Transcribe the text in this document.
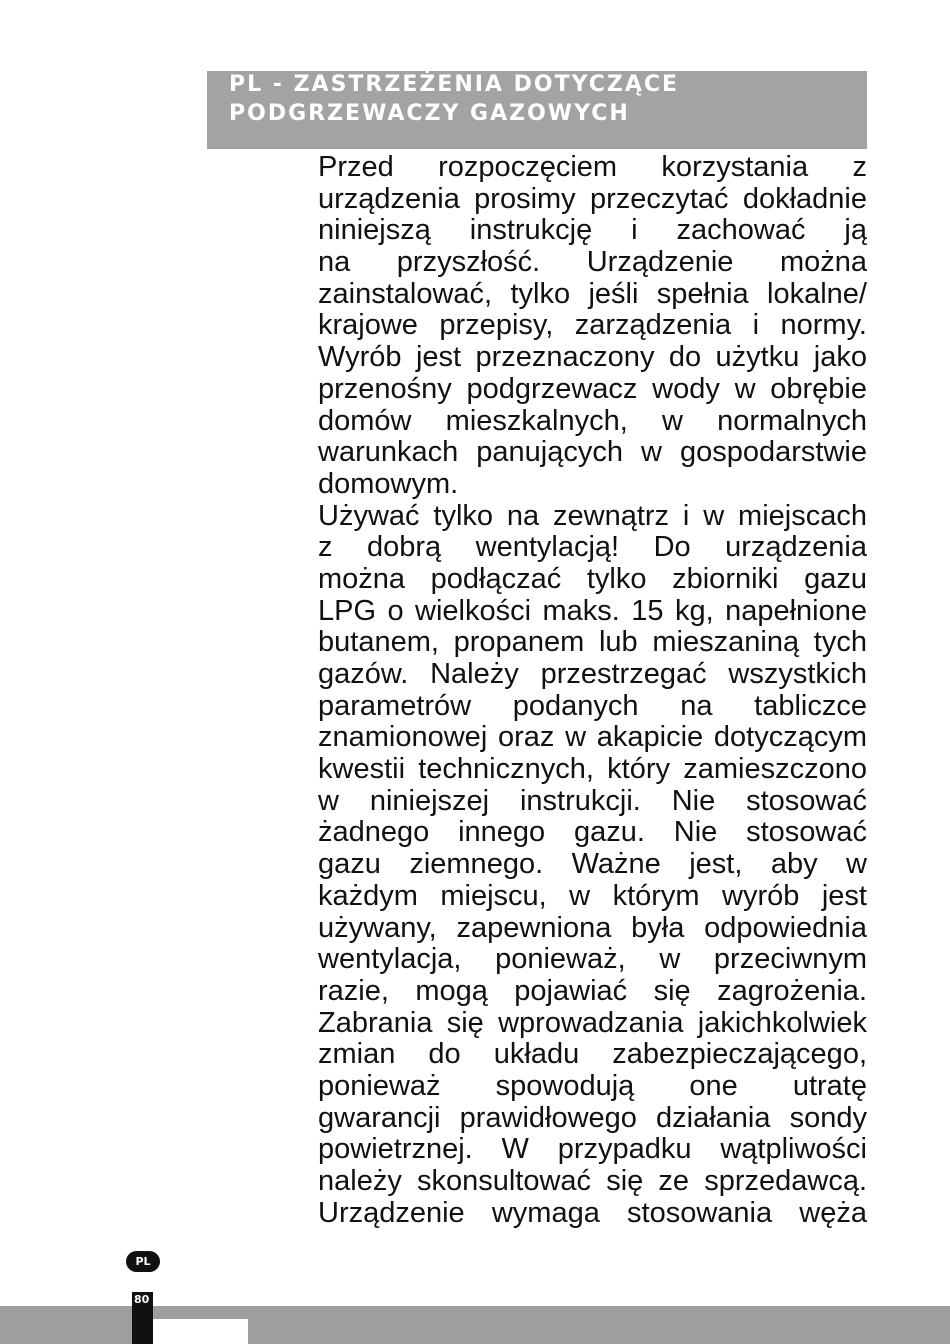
PL - ZASTRZEŻENIA DOTYCZĄCE
PODGRZEWACZY GAZOWYCH
Przed rozpoczęciem korzystania z
urządzenia prosimy przeczytać dokładnie
niniejszą instrukcję i zachować ją
na przyszłość. Urządzenie można
zainstalować, tylko jeśli spełnia lokalne/
krajowe przepisy, zarządzenia i normy.
Wyrób jest przeznaczony do użytku jako
przenośny podgrzewacz wody w obrębie
domów mieszkalnych, w normalnych
warunkach panujących w gospodarstwie
domowym.
Używać tylko na zewnątrz i w miejscach
z dobrą wentylacją! Do urządzenia
można podłączać tylko zbiorniki gazu
LPG o wielkości maks. 15 kg, napełnione
butanem, propanem lub mieszaniną tych
gazów. Należy przestrzegać wszystkich
parametrów podanych na tabliczce
znamionowej oraz w akapicie dotyczącym
kwestii technicznych, który zamieszczono
w niniejszej instrukcji. Nie stosować
żadnego innego gazu. Nie stosować
gazu ziemnego. Ważne jest, aby w
każdym miejscu, w którym wyrób jest
używany, zapewniona była odpowiednia
wentylacja, ponieważ, w przeciwnym
razie, mogą pojawiać się zagrożenia.
Zabrania się wprowadzania jakichkolwiek
zmian do układu zabezpieczającego,
ponieważ spowodują one utratę
gwarancji prawidłowego działania sondy
powietrznej. W przypadku wątpliwości
należy skonsultować się ze sprzedawcą.
Urządzenie wymaga stosowania węża
PL
80
